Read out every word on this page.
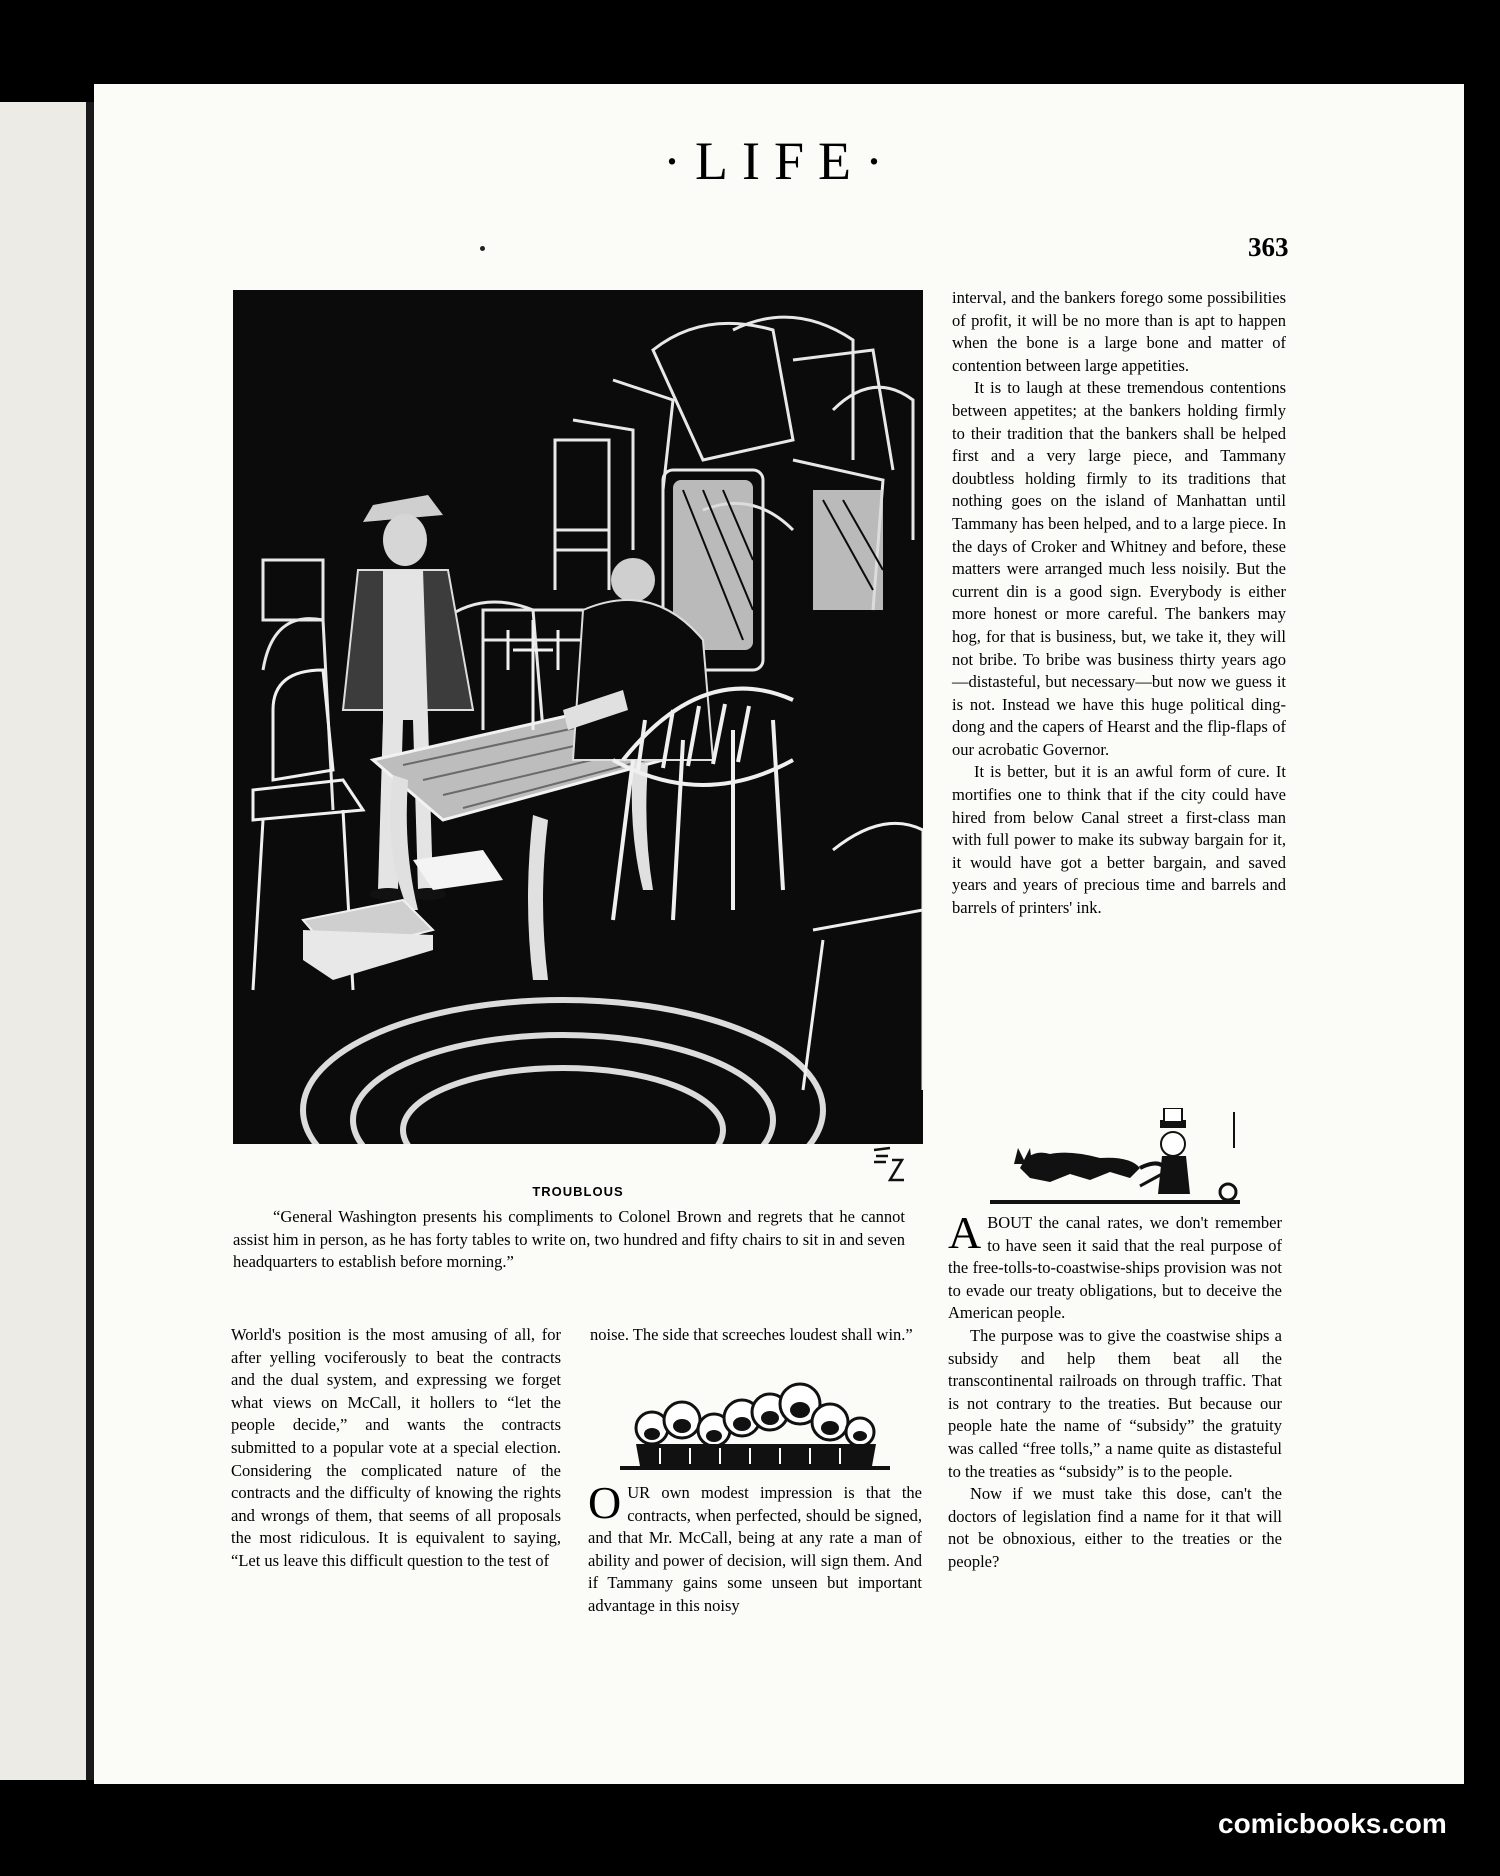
·LIFE·
363
TROUBLOUS
“General Washington presents his compliments to Colonel Brown and regrets that he cannot assist him in person, as he has forty tables to write on, two hundred and fifty chairs to sit in and seven headquarters to establish before morning.”

interval, and the bankers forego some possibilities of profit, it will be no more than is apt to happen when the bone is a large bone and matter of contention between large appetities.

It is to laugh at these tremendous contentions between appetites; at the bankers holding firmly to their tradition that the bankers shall be helped first and a very large piece, and Tammany doubtless holding firmly to its traditions that nothing goes on the island of Manhattan until Tammany has been helped, and to a large piece. In the days of Croker and Whitney and before, these matters were arranged much less noisily. But the current din is a good sign. Everybody is either more honest or more careful. The bankers may hog, for that is business, but, we take it, they will not bribe. To bribe was business thirty years ago—distasteful, but necessary—but now we guess it is not. Instead we have this huge political ding-dong and the capers of Hearst and the flip-flaps of our acrobatic Governor.

It is better, but it is an awful form of cure. It mortifies one to think that if the city could have hired from below Canal street a first-class man with full power to make its subway bargain for it, it would have got a better bargain, and saved years and years of precious time and barrels and barrels of printers' ink.

ABOUT the canal rates, we don't remember to have seen it said that the real purpose of the free-tolls-to-coastwise-ships provision was not to evade our treaty obligations, but to deceive the American people.

The purpose was to give the coastwise ships a subsidy and help them beat all the transcontinental railroads on through traffic. That is not contrary to the treaties. But because our people hate the name of “subsidy” the gratuity was called “free tolls,” a name quite as distasteful to the treaties as “subsidy” is to the people.

Now if we must take this dose, can't the doctors of legislation find a name for it that will not be obnoxious, either to the treaties or the people?

World's position is the most amusing of all, for after yelling vociferously to beat the contracts and the dual system, and expressing we forget what views on McCall, it hollers to “let the people decide,” and wants the contracts submitted to a popular vote at a special election. Considering the complicated nature of the contracts and the difficulty of knowing the rights and wrongs of them, that seems of all proposals the most ridiculous. It is equivalent to saying, “Let us leave this difficult question to the test of

noise. The side that screeches loudest shall win.”

OUR own modest impression is that the contracts, when perfected, should be signed, and that Mr. McCall, being at any rate a man of ability and power of decision, will sign them. And if Tammany gains some unseen but important advantage in this noisy

comicbooks.com
